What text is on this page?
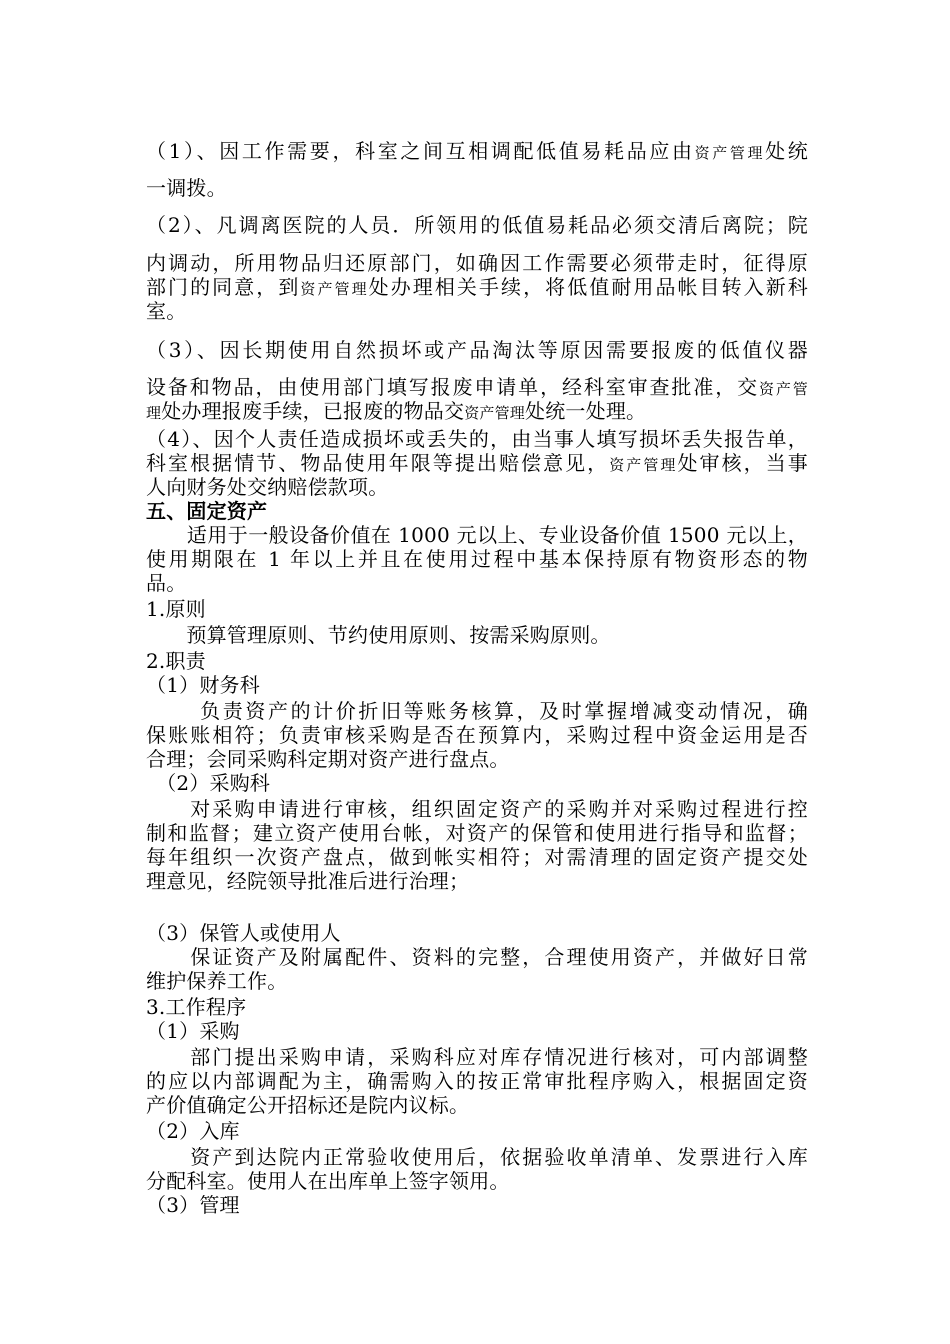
（1）、因工作需要，科室之间互相调配低值易耗品应由资产管理处统
一调拨。
（2）、凡调离医院的人员．所领用的低值易耗品必须交清后离院；院
内调动，所用物品归还原部门，如确因工作需要必须带走时，征得原
部门的同意，到资产管理处办理相关手续，将低值耐用品帐目转入新科
室。
（3）、因长期使用自然损坏或产品淘汰等原因需要报废的低值仪器
设备和物品，由使用部门填写报废申请单，经科室审查批准，交资产管
理处办理报废手续，已报废的物品交资产管理处统一处理。
（4）、因个人责任造成损坏或丢失的，由当事人填写损坏丢失报告单，
科室根据情节、物品使用年限等提出赔偿意见，资产管理处审核，当事
人向财务处交纳赔偿款项。
五、固定资产
　　适用于一般设备价值在 1000 元以上、专业设备价值 1500 元以上，
使用期限在 1 年以上并且在使用过程中基本保持原有物资形态的物
品。
1.原则
　　预算管理原则、节约使用原则、按需采购原则。
2.职责
（1）财务科
　　 负责资产的计价折旧等账务核算，及时掌握增减变动情况，确
保账账相符；负责审核采购是否在预算内，采购过程中资金运用是否
合理；会同采购科定期对资产进行盘点。
　（2）采购科
　　对采购申请进行审核，组织固定资产的采购并对采购过程进行控
制和监督；建立资产使用台帐，对资产的保管和使用进行指导和监督；
每年组织一次资产盘点，做到帐实相符；对需清理的固定资产提交处
理意见，经院领导批准后进行治理；
（3）保管人或使用人
　　保证资产及附属配件、资料的完整，合理使用资产，并做好日常
维护保养工作。
3.工作程序
（1）采购
　　部门提出采购申请，采购科应对库存情况进行核对，可内部调整
的应以内部调配为主，确需购入的按正常审批程序购入，根据固定资
产价值确定公开招标还是院内议标。
（2）入库
　　资产到达院内正常验收使用后，依据验收单清单、发票进行入库
分配科室。使用人在出库单上签字领用。
（3）管理
